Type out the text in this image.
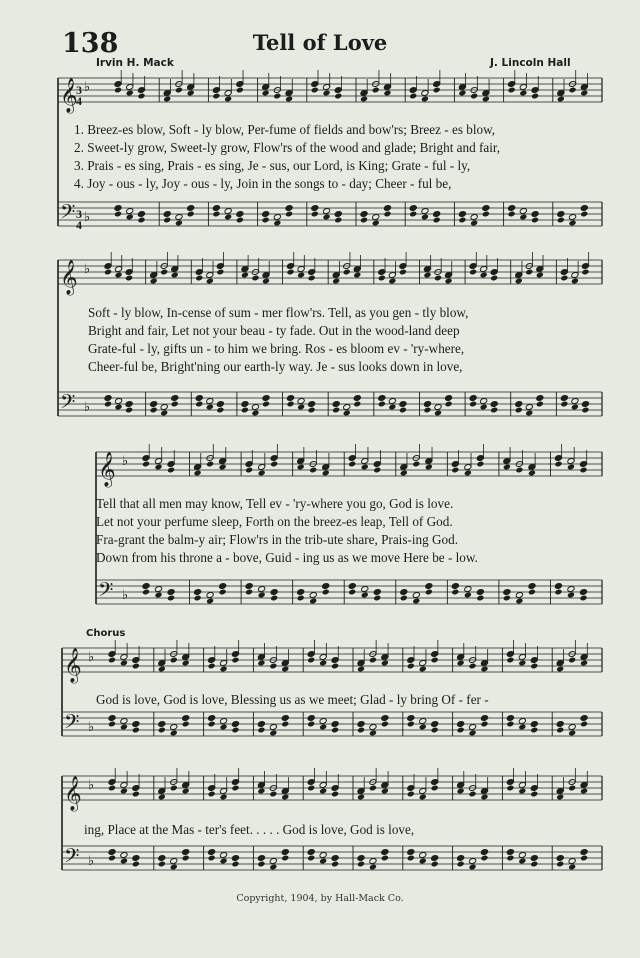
138	Tell of Love
Irvin H. Mack	J. Lincoln Hall
Chorus
1. Breez-es blow, Soft - ly blow, Per-fume of fields and bow'rs; Breez - es blow,
2. Sweet-ly grow, Sweet-ly grow, Flow'rs of the wood and glade; Bright and fair,
3. Prais - es sing, Prais - es sing, Je - sus, our Lord, is King; Grate - ful - ly,
4. Joy - ous - ly, Joy - ous - ly, Join in the songs to - day; Cheer - ful be,
Soft - ly blow, In-cense of sum - mer flow'rs. Tell, as you gen - tly blow,
Bright and fair, Let not your beau - ty fade. Out in the wood-land deep
Grate-ful - ly, gifts un - to him we bring. Ros - es bloom ev - 'ry-where,
Cheer-ful be, Bright'ning our earth-ly way. Je - sus looks down in love,
Tell that all men may know, Tell ev - 'ry-where you go, God is love.
Let not your perfume sleep, Forth on the breez-es leap, Tell of God.
Fra-grant the balm-y air; Flow'rs in the trib-ute share, Prais-ing God.
Down from his throne a - bove, Guid - ing us as we move Here be - low.
God is love, God is love, Blessing us as we meet; Glad - ly bring Of - fer -
ing, Place at the Mas - ter's feet. . . . . God is love, God is love,
Copyright, 1904, by Hall-Mack Co.
𝄞
𝄢
♭
♭
𝄞
𝄢
♭
♭
𝄞
𝄢
♭
♭
𝄞
𝄢
♭
♭
𝄞
𝄢
♭
♭
3
4
3
4
